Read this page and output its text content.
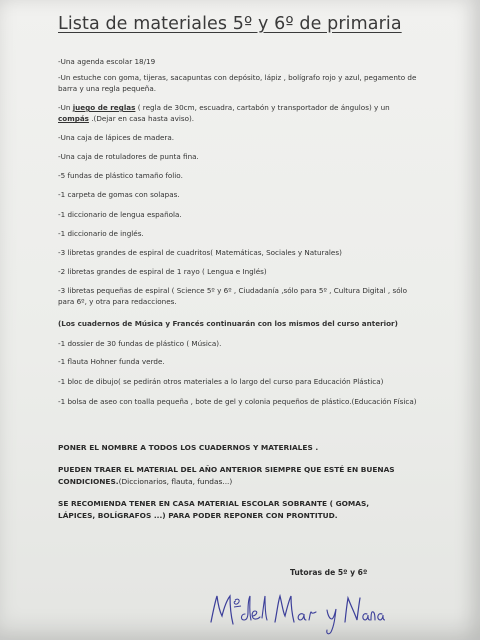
Lista de materiales 5º y 6º de primaria
-Una agenda escolar 18/19
-Un estuche con goma, tijeras, sacapuntas con depósito, lápiz , bolígrafo rojo y azul, pegamento de barra y una regla pequeña.
-Un juego de reglas ( regla de 30cm, escuadra, cartabón y transportador de ángulos) y un compás .(Dejar en casa hasta aviso).
-Una caja de lápices de madera.
-Una caja de rotuladores de punta fina.
-5 fundas de plástico tamaño folio.
-1 carpeta de gomas con solapas.
-1 diccionario de lengua española.
-1 diccionario de inglés.
-3 libretas grandes de espiral de cuadritos( Matemáticas, Sociales y Naturales)
-2 libretas grandes de espiral de 1 rayo ( Lengua e Inglés)
-3 libretas pequeñas de espiral ( Science 5º y 6º , Ciudadanía ,sólo para 5º , Cultura Digital , sólo para 6º, y otra para redacciones.
(Los cuadernos de Música y Francés continuarán con los mismos del curso anterior)
-1 dossier de 30 fundas de plástico ( Música).
-1 flauta Hohner funda verde.
-1 bloc de dibujo( se pedirán otros materiales a lo largo del curso para Educación Plástica)
-1 bolsa de aseo con toalla pequeña , bote de gel y colonia pequeños de plástico.(Educación Física)
PONER EL NOMBRE A TODOS LOS CUADERNOS Y MATERIALES .
PUEDEN TRAER EL MATERIAL DEL AÑO ANTERIOR SIEMPRE QUE ESTÉ EN BUENAS CONDICIONES.(Diccionarios, flauta, fundas...)
SE RECOMIENDA TENER EN CASA MATERIAL ESCOLAR SOBRANTE ( GOMAS, LÁPICES, BOLÍGRAFOS ...) PARA PODER REPONER CON PRONTITUD.
Tutoras de 5º y 6º
